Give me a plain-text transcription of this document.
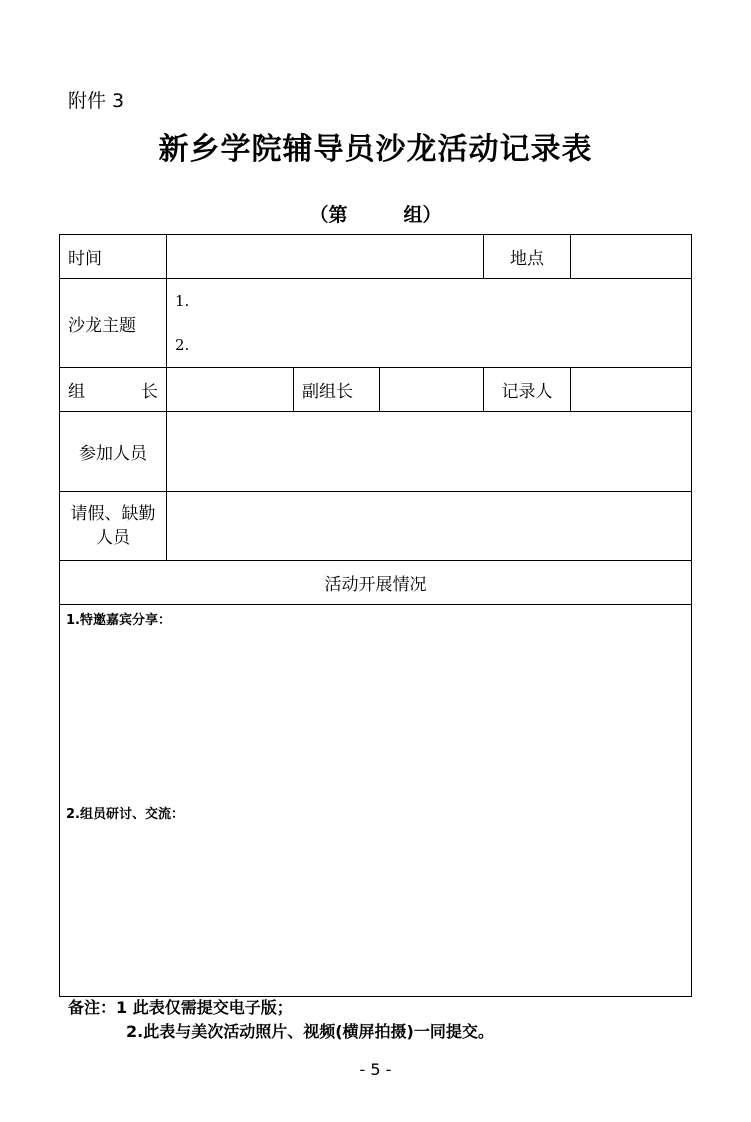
附件 3
新乡学院辅导员沙龙活动记录表
（第	组）
时间				地点	
沙龙主题	1.
2.				

组 长		副组长		记录人	
参加人员					

请假、缺勤
人员					

活动开展情况					

1.特邀嘉宾分享：
2.组员研讨、交流：					
备注：1 此表仅需提交电子版；
2.此表与美次活动照片、视频(横屏拍摄)一同提交。
- 5 -
